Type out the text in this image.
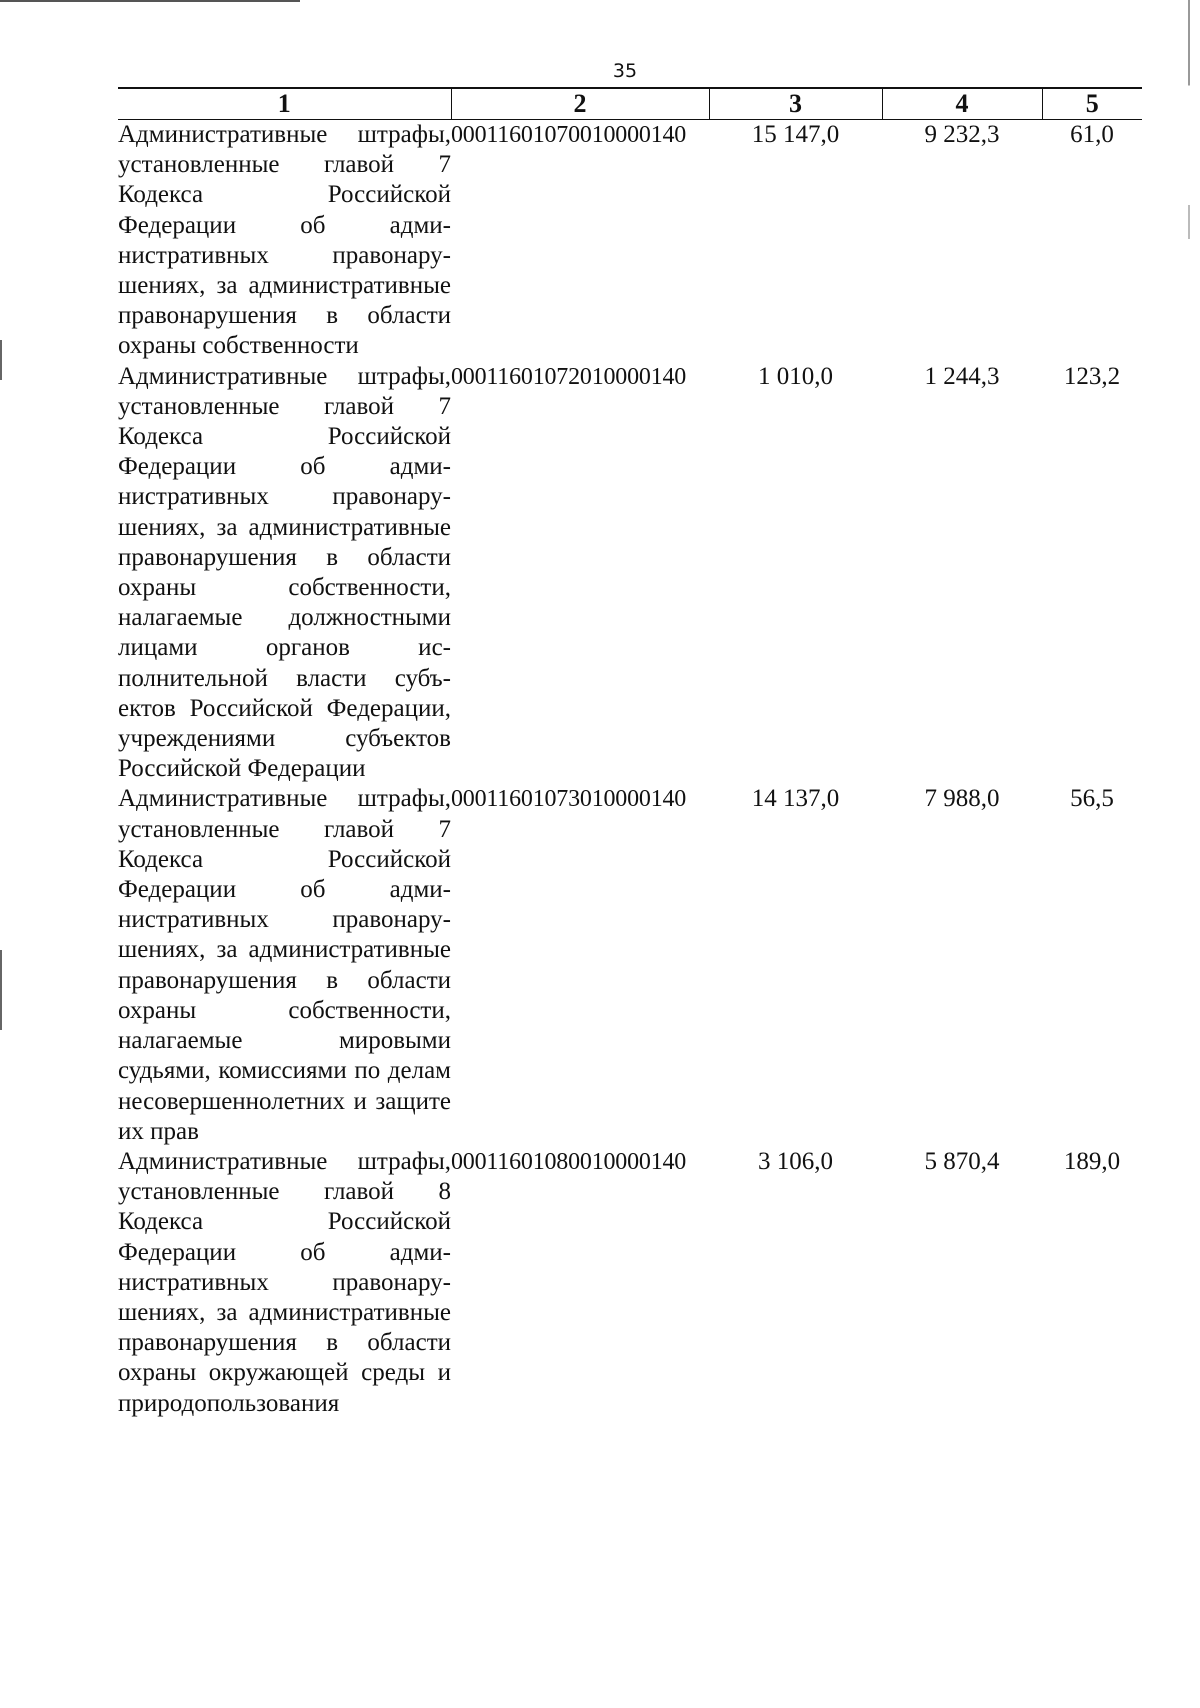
35
1	2	3	4	5
Административные штрафы, установленные главой 7 Кодекса Российской Федерации об административных правонарушениях, за административные правонарушения в области охраны собственности	00011601070010000140	15 147,0	9 232,3	61,0
Административные штрафы, установленные главой 7 Кодекса Российской Федерации об административных правонарушениях, за административные правонарушения в области охраны собственности, налагаемые должностными лицами органов исполнительной власти субъектов Российской Федерации, учреждениями субъектов Российской Федерации	00011601072010000140	1 010,0	1 244,3	123,2
Административные штрафы, установленные главой 7 Кодекса Российской Федерации об административных правонарушениях, за административные правонарушения в области охраны собственности, налагаемые мировыми судьями, комиссиями по делам несовершеннолетних и защите их прав	00011601073010000140	14 137,0	7 988,0	56,5
Административные штрафы, установленные главой 8 Кодекса Российской Федерации об административных правонарушениях, за административные правонарушения в области охраны окружающей среды и природопользования	00011601080010000140	3 106,0	5 870,4	189,0
